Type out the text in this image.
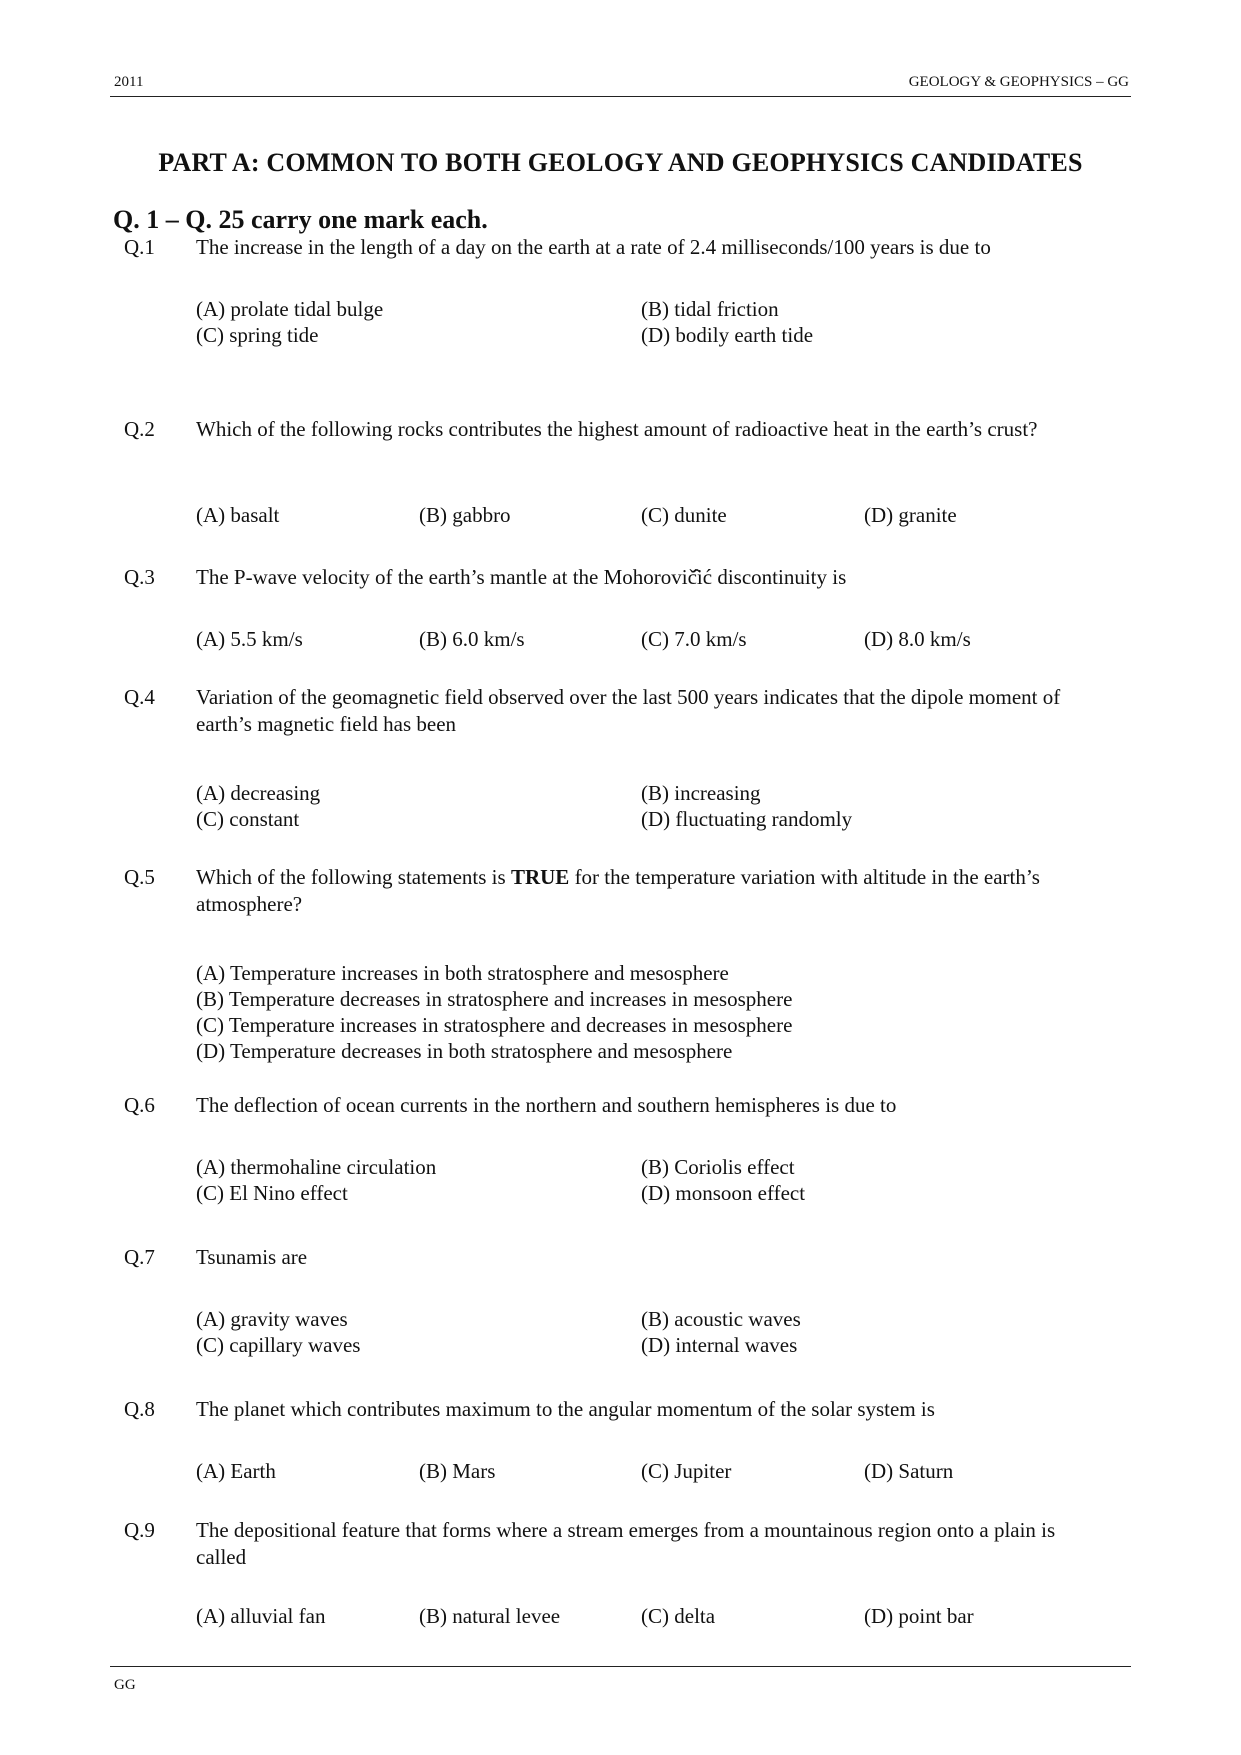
2011	GEOLOGY & GEOPHYSICS – GG
PART A: COMMON TO BOTH GEOLOGY AND GEOPHYSICS CANDIDATES
Q. 1 – Q. 25 carry one mark each.
Q.1 The increase in the length of a day on the earth at a rate of 2.4 milliseconds/100 years is due to
(A) prolate tidal bulge	(B) tidal friction
(C) spring tide	(D) bodily earth tide
Q.2 Which of the following rocks contributes the highest amount of radioactive heat in the earth’s crust?
(A) basalt	(B) gabbro	(C) dunite	(D) granite
Q.3 The P-wave velocity of the earth’s mantle at the Mohorovič̂ić discontinuity is
(A) 5.5 km/s	(B) 6.0 km/s	(C) 7.0 km/s	(D) 8.0 km/s
Q.4 Variation of the geomagnetic field observed over the last 500 years indicates that the dipole moment of earth’s magnetic field has been
(A) decreasing	(B) increasing
(C) constant	(D) fluctuating randomly
Q.5 Which of the following statements is TRUE for the temperature variation with altitude in the earth’s atmosphere?
(A) Temperature increases in both stratosphere and mesosphere
(B) Temperature decreases in stratosphere and increases in mesosphere
(C) Temperature increases in stratosphere and decreases in mesosphere
(D) Temperature decreases in both stratosphere and mesosphere
Q.6 The deflection of ocean currents in the northern and southern hemispheres is due to
(A) thermohaline circulation	(B) Coriolis effect
(C) El Nino effect	(D) monsoon effect
Q.7 Tsunamis are
(A) gravity waves	(B) acoustic waves
(C) capillary waves	(D) internal waves
Q.8 The planet which contributes maximum to the angular momentum of the solar system is
(A) Earth	(B) Mars	(C) Jupiter	(D) Saturn
Q.9 The depositional feature that forms where a stream emerges from a mountainous region onto a plain is called
(A) alluvial fan	(B) natural levee	(C) delta	(D) point bar
GG
